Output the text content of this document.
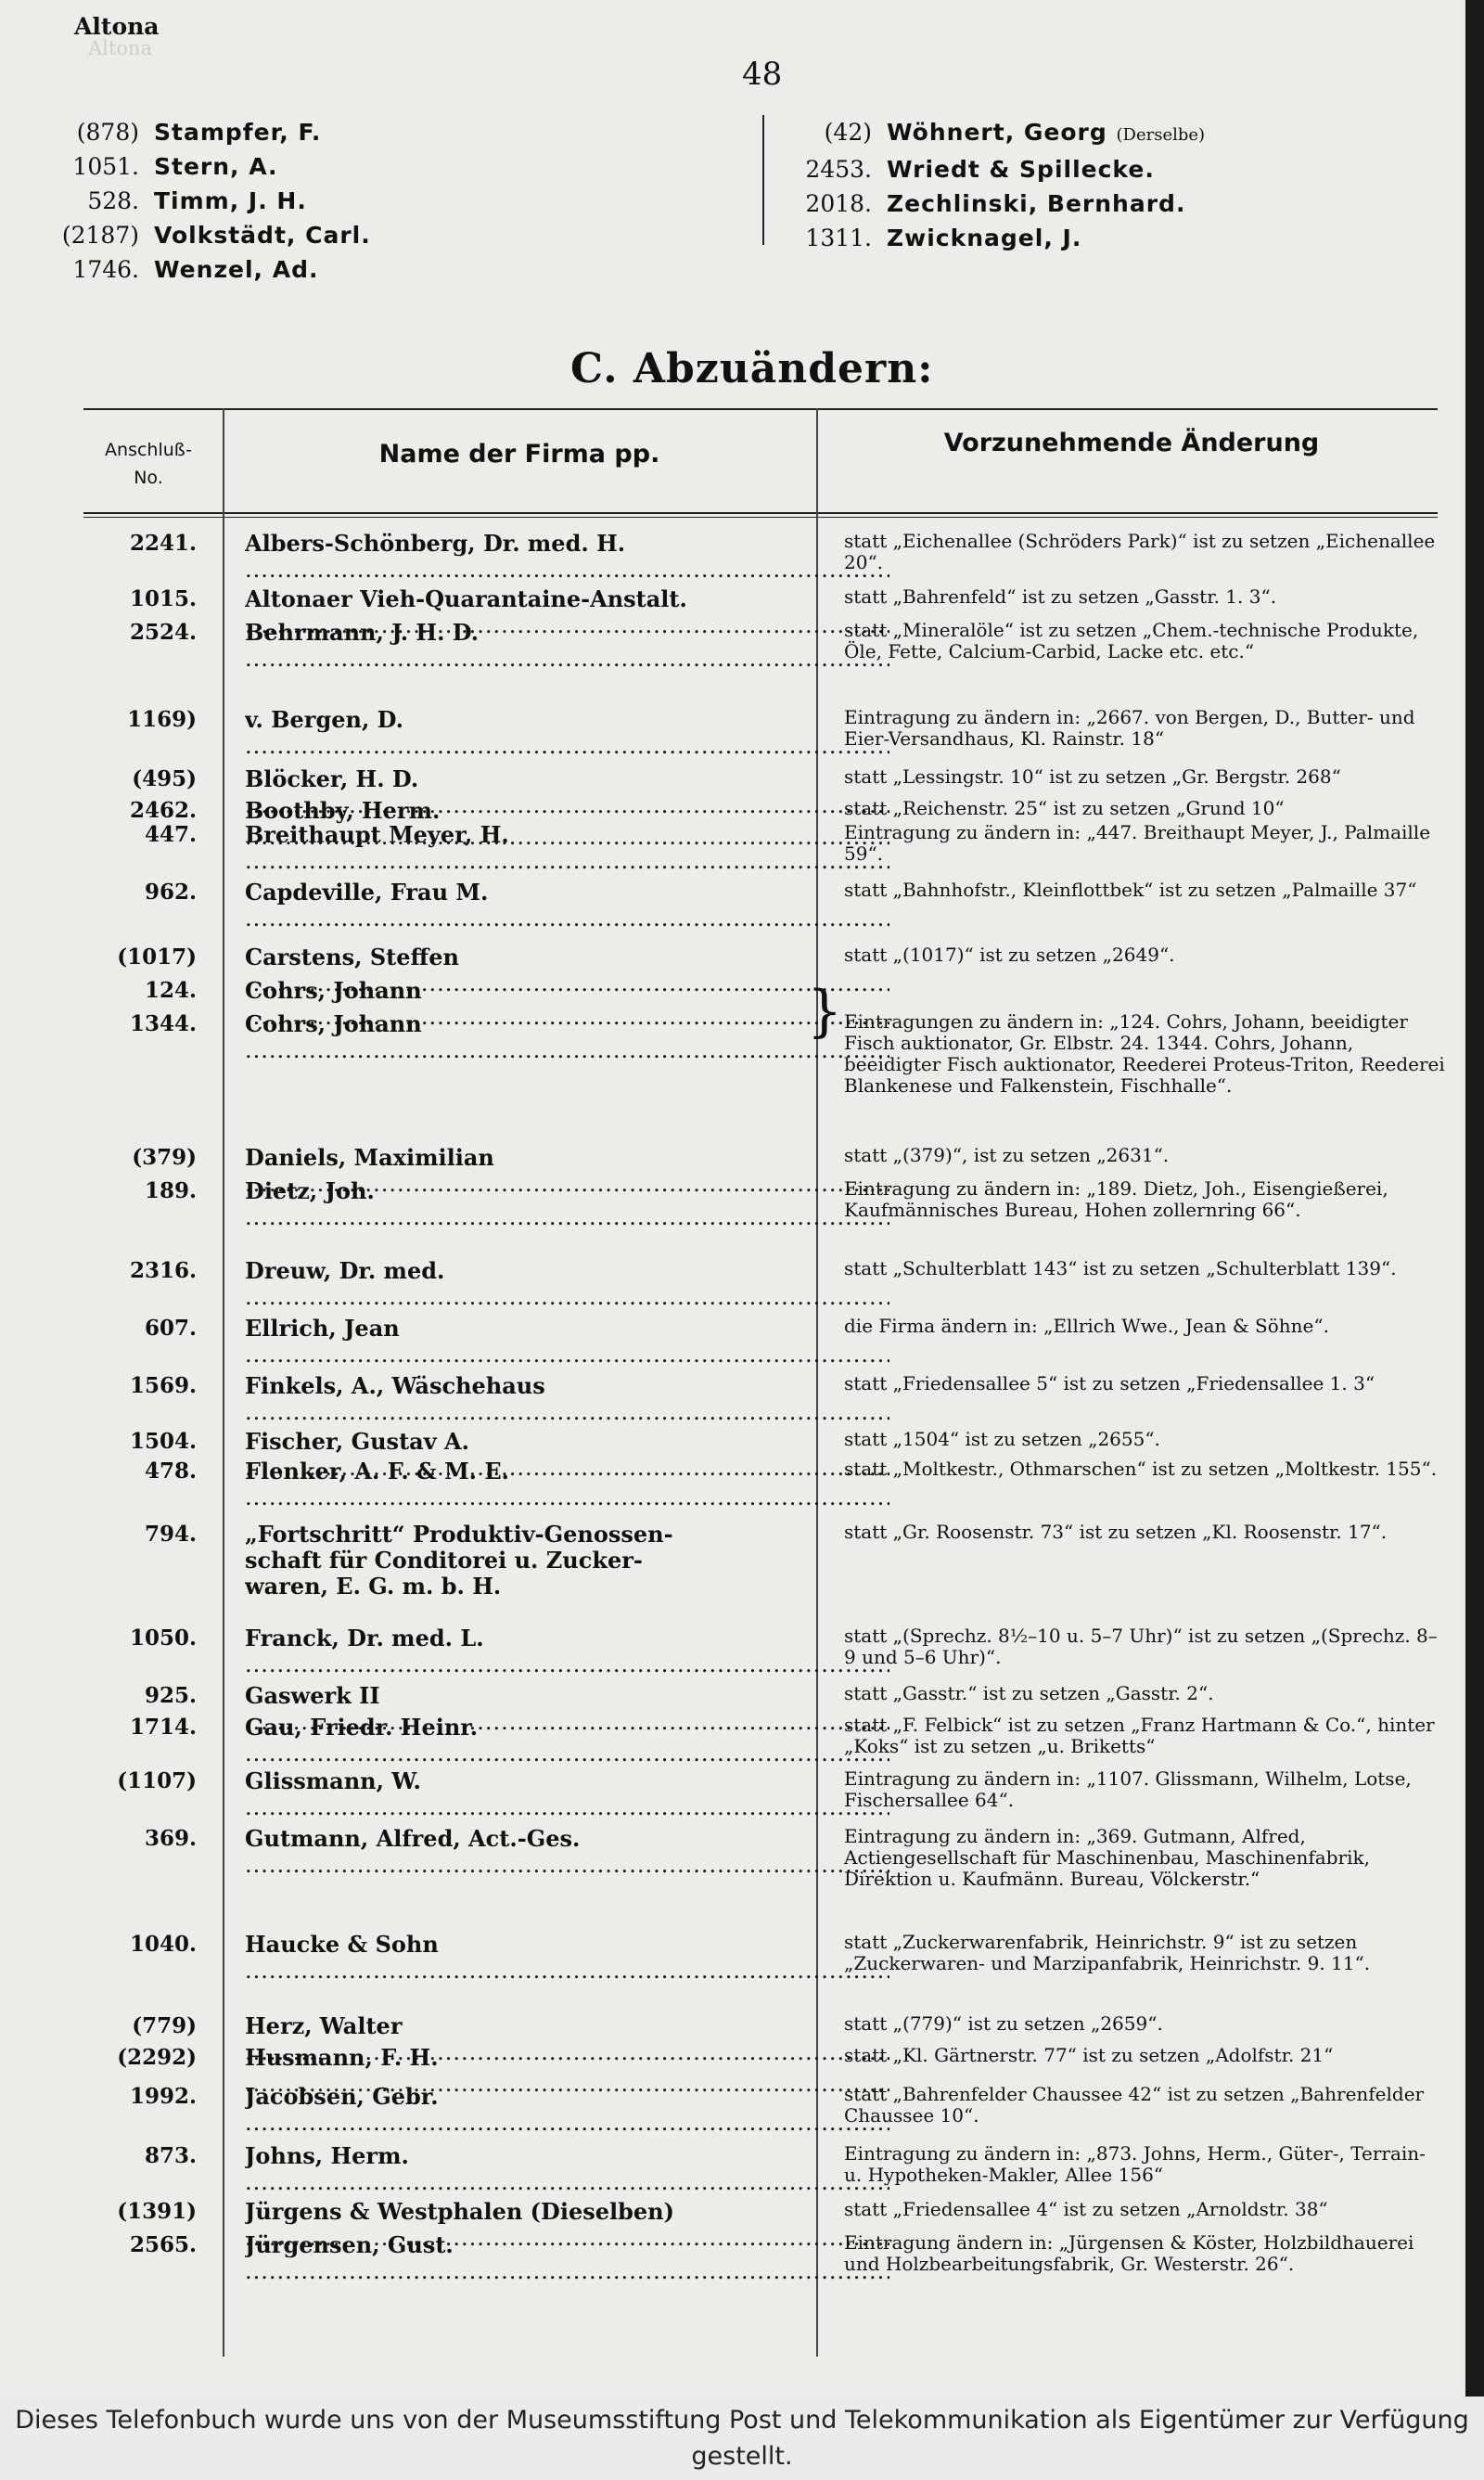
Altona
Altona
48
(878) Stampfer, F.
1051. Stern, A.
528. Timm, J. H.
(2187) Volkstädt, Carl.
1746. Wenzel, Ad.
(42) Wöhnert, Georg (Derselbe)
2453. Wriedt & Spillecke.
2018. Zechlinski, Bernhard.
1311. Zwicknagel, J.
C. Abzuändern:
Anschluß-
No.
Name der Firma pp.	Vorzunehmende Änderung
2241. Albers-Schönberg, Dr. med. H. .....	statt „Eichenallee (Schröders Park)“ ist zu setzen „Eichenallee 20“.
1015. Altonaer Vieh-Quarantaine-Anstalt. .....	statt „Bahrenfeld“ ist zu setzen „Gasstr. 1. 3“.
2524. Behrmann, J. H. D. .....	statt „Mineralöle“ ist zu setzen „Chem.-technische Produkte, Öle, Fette, Calcium-Carbid, Lacke etc. etc.“
1169) v. Bergen, D. .....	Eintragung zu ändern in: „2667. von Bergen, D., Butter- und Eier-Versandhaus, Kl. Rainstr. 18“
(495) Blöcker, H. D. .....	statt „Lessingstr. 10“ ist zu setzen „Gr. Bergstr. 268“
2462. Boothby, Herm. .....	statt „Reichenstr. 25“ ist zu setzen „Grund 10“
447. Breithaupt Meyer, H. .....	Eintragung zu ändern in: „447. Breithaupt Meyer, J., Palmaille 59“.
962. Capdeville, Frau M. .....	statt „Bahnhofstr., Kleinflottbek“ ist zu setzen „Palmaille 37“
(1017) Carstens, Steffen .....	statt „(1017)“ ist zu setzen „2649“.
124. Cohrs, Johann .....
1344. Cohrs, Johann .....	Eintragungen zu ändern in: „124. Cohrs, Johann, beeidigter Fisch auktionator, Gr. Elbstr. 24. 1344. Cohrs, Johann, beeidigter Fisch auktionator, Reederei Proteus-Triton, Reederei Blankenese und Falkenstein, Fischhalle“.
(379) Daniels, Maximilian .....	statt „(379)“, ist zu setzen „2631“.
189. Dietz, Joh. .....	Eintragung zu ändern in: „189. Dietz, Joh., Eisengießerei, Kaufmännisches Bureau, Hohen zollernring 66“.
2316. Dreuw, Dr. med. .....	statt „Schulterblatt 143“ ist zu setzen „Schulterblatt 139“.
607. Ellrich, Jean .....	die Firma ändern in: „Ellrich Wwe., Jean & Söhne“.
1569. Finkels, A., Wäschehaus .....	statt „Friedensallee 5“ ist zu setzen „Friedensallee 1. 3“
1504. Fischer, Gustav A. .....	statt „1504“ ist zu setzen „2655“.
478. Flenker, A. F. & M. E. .....	statt „Moltkestr., Othmarschen“ ist zu setzen „Moltkestr. 155“.
794. „Fortschritt“ Produktiv-Genossen-
schaft für Conditorei u. Zucker-
waren, E. G. m. b. H.
statt „Gr. Roosenstr. 73“ ist zu setzen „Kl. Roosenstr. 17“.
1050. Franck, Dr. med. L. .....	statt „(Sprechz. 8½–10 u. 5–7 Uhr)“ ist zu setzen „(Sprechz. 8–9 und 5–6 Uhr)“.
925. Gaswerk II .....	statt „Gasstr.“ ist zu setzen „Gasstr. 2“.
1714. Gau, Friedr. Heinr. .....	statt „F. Felbick“ ist zu setzen „Franz Hartmann & Co.“, hinter „Koks“ ist zu setzen „u. Briketts“
(1107) Glissmann, W. .....	Eintragung zu ändern in: „1107. Glissmann, Wilhelm, Lotse, Fischersallee 64“.
369. Gutmann, Alfred, Act.-Ges. .....	Eintragung zu ändern in: „369. Gutmann, Alfred, Actiengesellschaft für Maschinenbau, Maschinenfabrik, Direktion u. Kaufmänn. Bureau, Völckerstr.“
1040. Haucke & Sohn .....	statt „Zuckerwarenfabrik, Heinrichstr. 9“ ist zu setzen „Zuckerwaren- und Marzipanfabrik, Heinrichstr. 9. 11“.
(779) Herz, Walter .....	statt „(779)“ ist zu setzen „2659“.
(2292) Husmann, F. H. .....	statt „Kl. Gärtnerstr. 77“ ist zu setzen „Adolfstr. 21“
1992. Jacobsen, Gebr. .....	statt „Bahrenfelder Chaussee 42“ ist zu setzen „Bahrenfelder Chaussee 10“.
873. Johns, Herm. .....	Eintragung zu ändern in: „873. Johns, Herm., Güter-, Terrain- u. Hypotheken-Makler, Allee 156“
(1391) Jürgens & Westphalen (Dieselben) .....	statt „Friedensallee 4“ ist zu setzen „Arnoldstr. 38“
2565. Jürgensen, Gust. .....	Eintragung ändern in: „Jürgensen & Köster, Holzbildhauerei und Holzbearbeitungsfabrik, Gr. Westerstr. 26“.
}
Dieses Telefonbuch wurde uns von der Museumsstiftung Post und Telekommunikation als Eigentümer zur Verfügung gestellt.
